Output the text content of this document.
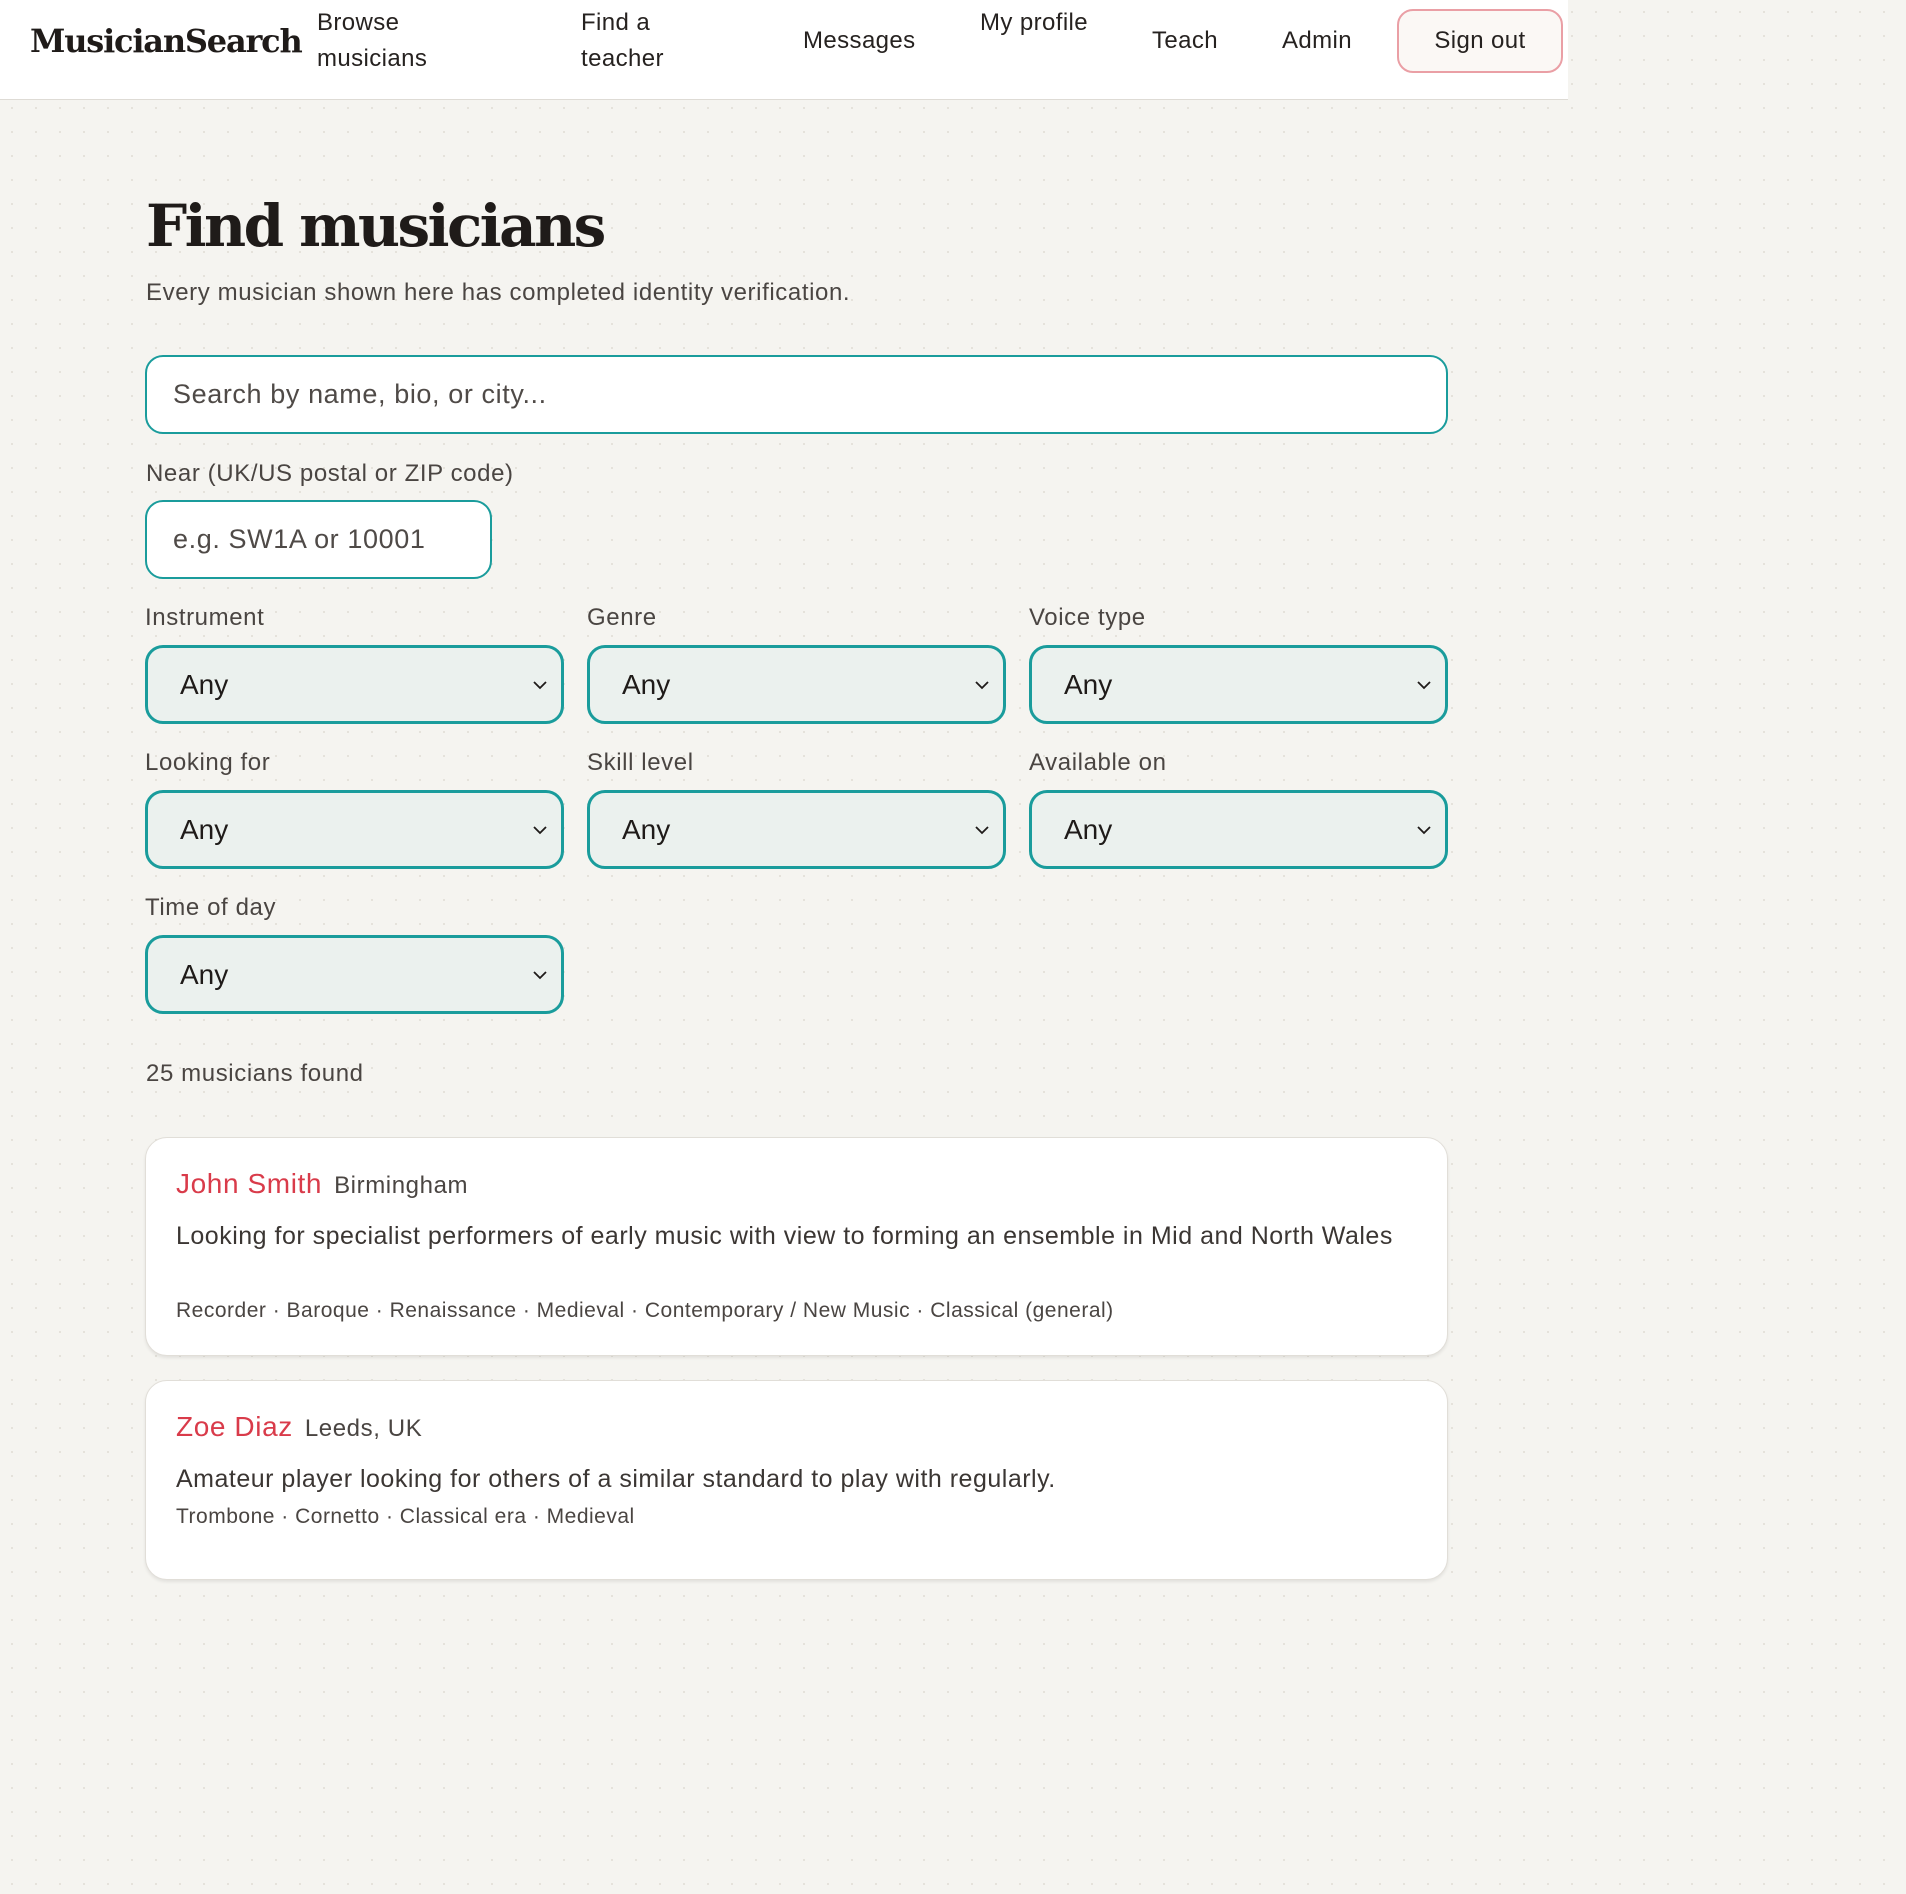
MusicianSearch Browse musicians
Find a teacher
Messages
My profile
Teach	Admin	Sign out
Find musicians

Every musician shown here has completed identity verification.

Search by name, bio, or city...
Near (UK/US postal or ZIP code)
e.g. SW1A or 10001
Instrument	Genre	Voice type
Any	Any	Any
Looking for	Skill level	Available on
Any	Any	Any
Time of day
Any

25 musicians found

John Smith Birmingham

Looking for specialist performers of early music with view to forming an ensemble in Mid and North Wales

Recorder · Baroque · Renaissance · Medieval · Contemporary / New Music · Classical (general)

Zoe Diaz Leeds, UK

Amateur player looking for others of a similar standard to play with regularly.

Trombone · Cornetto · Classical era · Medieval
